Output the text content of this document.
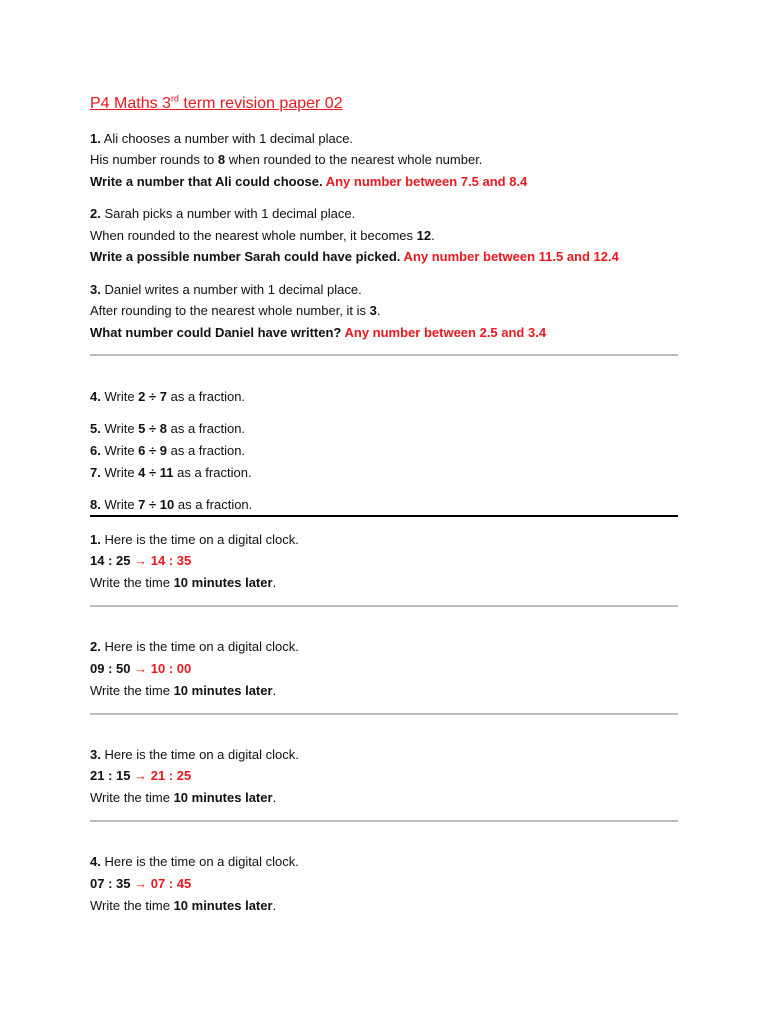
P4 Maths 3rd term revision paper 02
1. Ali chooses a number with 1 decimal place.
His number rounds to 8 when rounded to the nearest whole number.
Write a number that Ali could choose. Any number between 7.5 and 8.4
2. Sarah picks a number with 1 decimal place.
When rounded to the nearest whole number, it becomes 12.
Write a possible number Sarah could have picked. Any number between 11.5 and 12.4
3. Daniel writes a number with 1 decimal place.
After rounding to the nearest whole number, it is 3.
What number could Daniel have written? Any number between 2.5 and 3.4
4. Write 2 ÷ 7 as a fraction.
5. Write 5 ÷ 8 as a fraction.
6. Write 6 ÷ 9 as a fraction.
7. Write 4 ÷ 11 as a fraction.
8. Write 7 ÷ 10 as a fraction.
1. Here is the time on a digital clock.
14 : 25 → 14 : 35
Write the time 10 minutes later.
2. Here is the time on a digital clock.
09 : 50 → 10 : 00
Write the time 10 minutes later.
3. Here is the time on a digital clock.
21 : 15 → 21 : 25
Write the time 10 minutes later.
4. Here is the time on a digital clock.
07 : 35 → 07 : 45
Write the time 10 minutes later.
